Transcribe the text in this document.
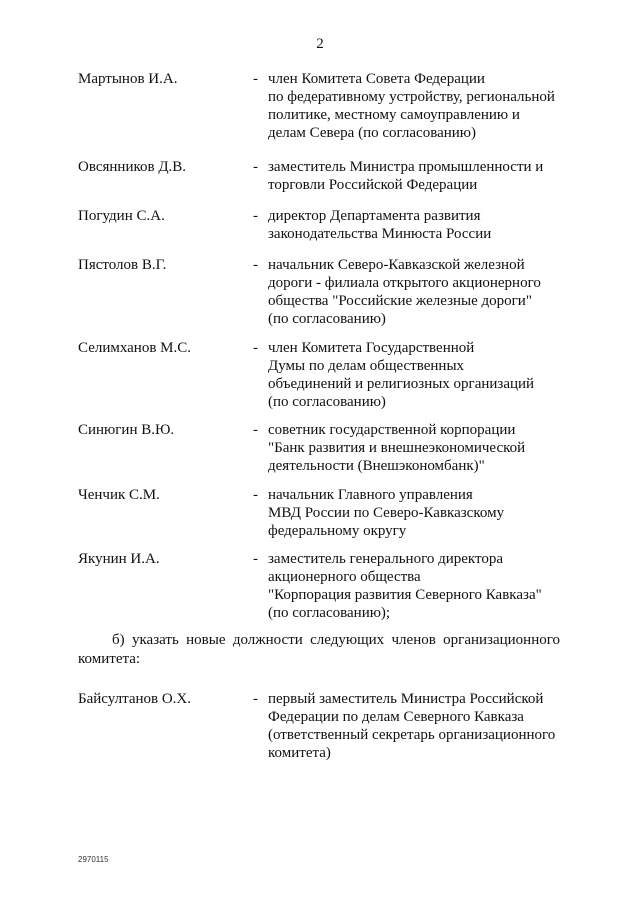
2
Мартынов И.А.	- член Комитета Совета Федерации
по федеративному устройству, региональной
политике, местному самоуправлению и
делам Севера (по согласованию)
Овсянников Д.В.	- заместитель Министра промышленности и
торговли Российской Федерации
Погудин С.А.	- директор Департамента развития
законодательства Минюста России
Пястолов В.Г.	- начальник Северо-Кавказской железной
дороги - филиала открытого акционерного
общества "Российские железные дороги"
(по согласованию)
Селимханов М.С.	- член Комитета Государственной
Думы по делам общественных
объединений и религиозных организаций
(по согласованию)
Синюгин В.Ю.	- советник государственной корпорации
"Банк развития и внешнеэкономической
деятельности (Внешэкономбанк)"
Ченчик С.М.	- начальник Главного управления
МВД России по Северо-Кавказскому
федеральному округу
Якунин И.А.	- заместитель генерального директора
акционерного общества
"Корпорация развития Северного Кавказа"
(по согласованию);
б) указать новые должности следующих членов организационного
комитета:
Байсултанов О.Х.	- первый заместитель Министра Российской
Федерации по делам Северного Кавказа
(ответственный секретарь организационного
комитета)
2970115
